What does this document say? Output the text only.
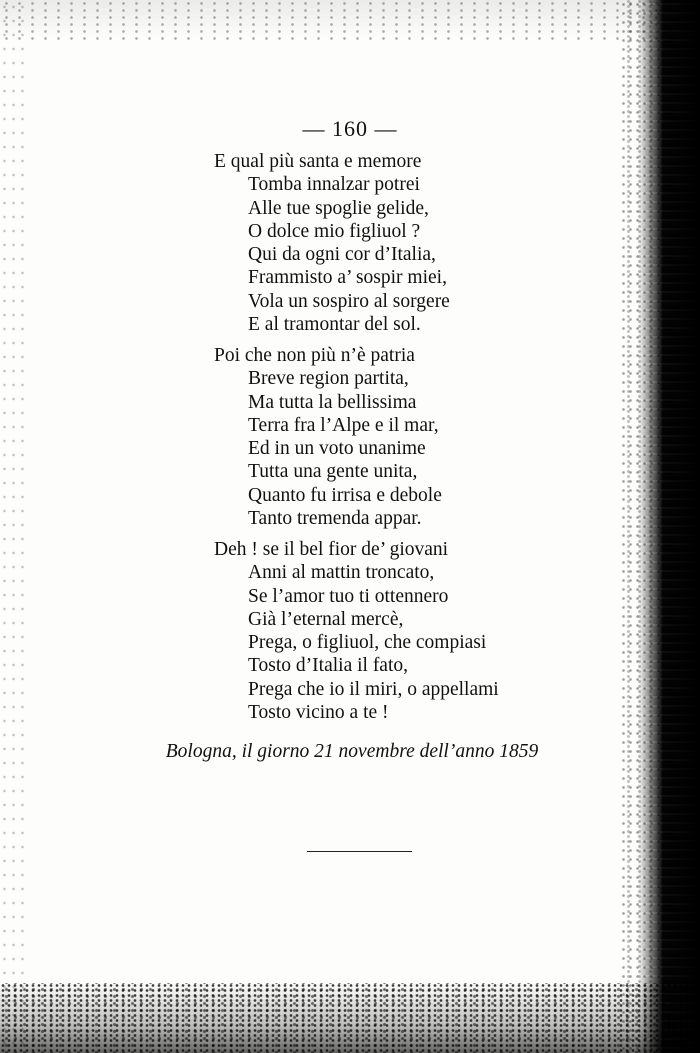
— 160 —
E qual più santa e memore
Tomba innalzar potrei
Alle tue spoglie gelide,
O dolce mio figliuol ?
Qui da ogni cor d’Italia,
Frammisto a’ sospir miei,
Vola un sospiro al sorgere
E al tramontar del sol.
Poi che non più n’è patria
Breve region partita,
Ma tutta la bellissima
Terra fra l’Alpe e il mar,
Ed in un voto unanime
Tutta una gente unita,
Quanto fu irrisa e debole
Tanto tremenda appar.
Deh ! se il bel fior de’ giovani
Anni al mattin troncato,
Se l’amor tuo ti ottennero
Già l’eternal mercè,
Prega, o figliuol, che compiasi
Tosto d’Italia il fato,
Prega che io il miri, o appellami
Tosto vicino a te !
Bologna, il giorno 21 novembre dell’anno 1859
